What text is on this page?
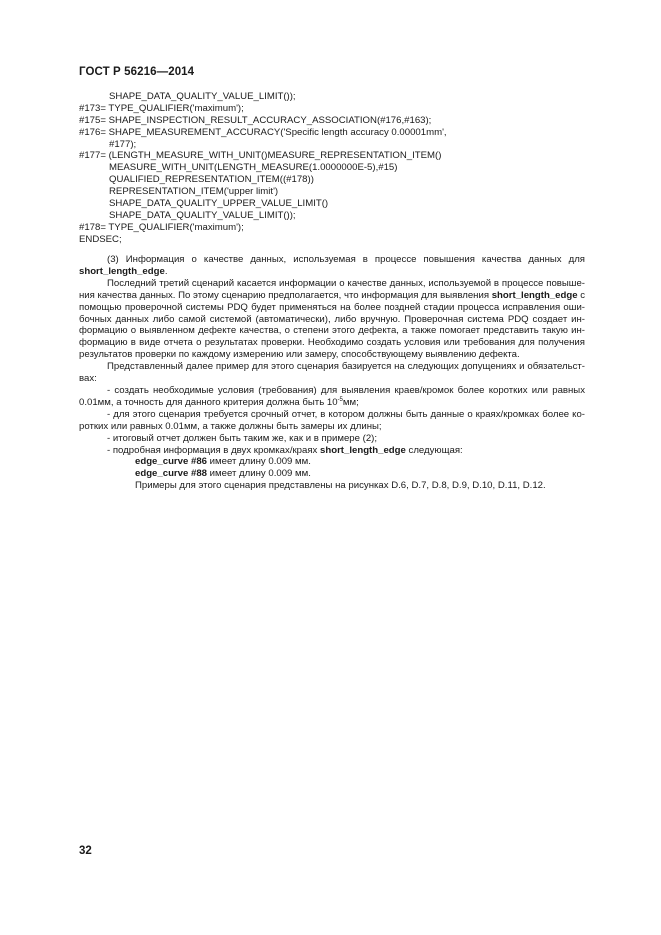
ГОСТ Р 56216—2014
SHAPE_DATA_QUALITY_VALUE_LIMIT());
#173= TYPE_QUALIFIER('maximum');
#175= SHAPE_INSPECTION_RESULT_ACCURACY_ASSOCIATION(#176,#163);
#176= SHAPE_MEASUREMENT_ACCURACY('Specific length accuracy 0.00001mm',
#177);
#177= (LENGTH_MEASURE_WITH_UNIT()MEASURE_REPRESENTATION_ITEM()
MEASURE_WITH_UNIT(LENGTH_MEASURE(1.0000000E-5),#15)
QUALIFIED_REPRESENTATION_ITEM((#178))
REPRESENTATION_ITEM('upper limit')
SHAPE_DATA_QUALITY_UPPER_VALUE_LIMIT()
SHAPE_DATA_QUALITY_VALUE_LIMIT());
#178= TYPE_QUALIFIER('maximum');
ENDSEC;

(3) Информация о качестве данных, используемая в процессе повышения качества данных для short_length_edge.

Последний третий сценарий касается информации о качестве данных, используемой в процессе повыше-ния качества данных. По этому сценарию предполагается, что информация для выявления short_length_edge с помощью проверочной системы PDQ будет применяться на более поздней стадии процесса исправления оши-бочных данных либо самой системой (автоматически), либо вручную. Проверочная система PDQ создает ин-формацию о выявленном дефекте качества, о степени этого дефекта, а также помогает представить такую ин-формацию в виде отчета о результатах проверки. Необходимо создать условия или требования для получения результатов проверки по каждому измерению или замеру, способствующему выявлению дефекта.

Представленный далее пример для этого сценария базируется на следующих допущениях и обязательст-вах:

- создать необходимые условия (требования) для выявления краев/кромок более коротких или равных 0.01мм, а точность для данного критерия должна быть $10^{-5}мм$;

- для этого сценария требуется срочный отчет, в котором должны быть данные о краях/кромках более ко-ротких или равных 0.01мм, а также должны быть замеры их длины;

- итоговый отчет должен быть таким же, как и в примере (2);

- подробная информация в двух кромках/краях short_length_edge следующая:

edge_curve #86 имеет длину 0.009 мм.

edge_curve #88 имеет длину 0.009 мм.

Примеры для этого сценария представлены на рисунках D.6, D.7, D.8, D.9, D.10, D.11, D.12.

32
